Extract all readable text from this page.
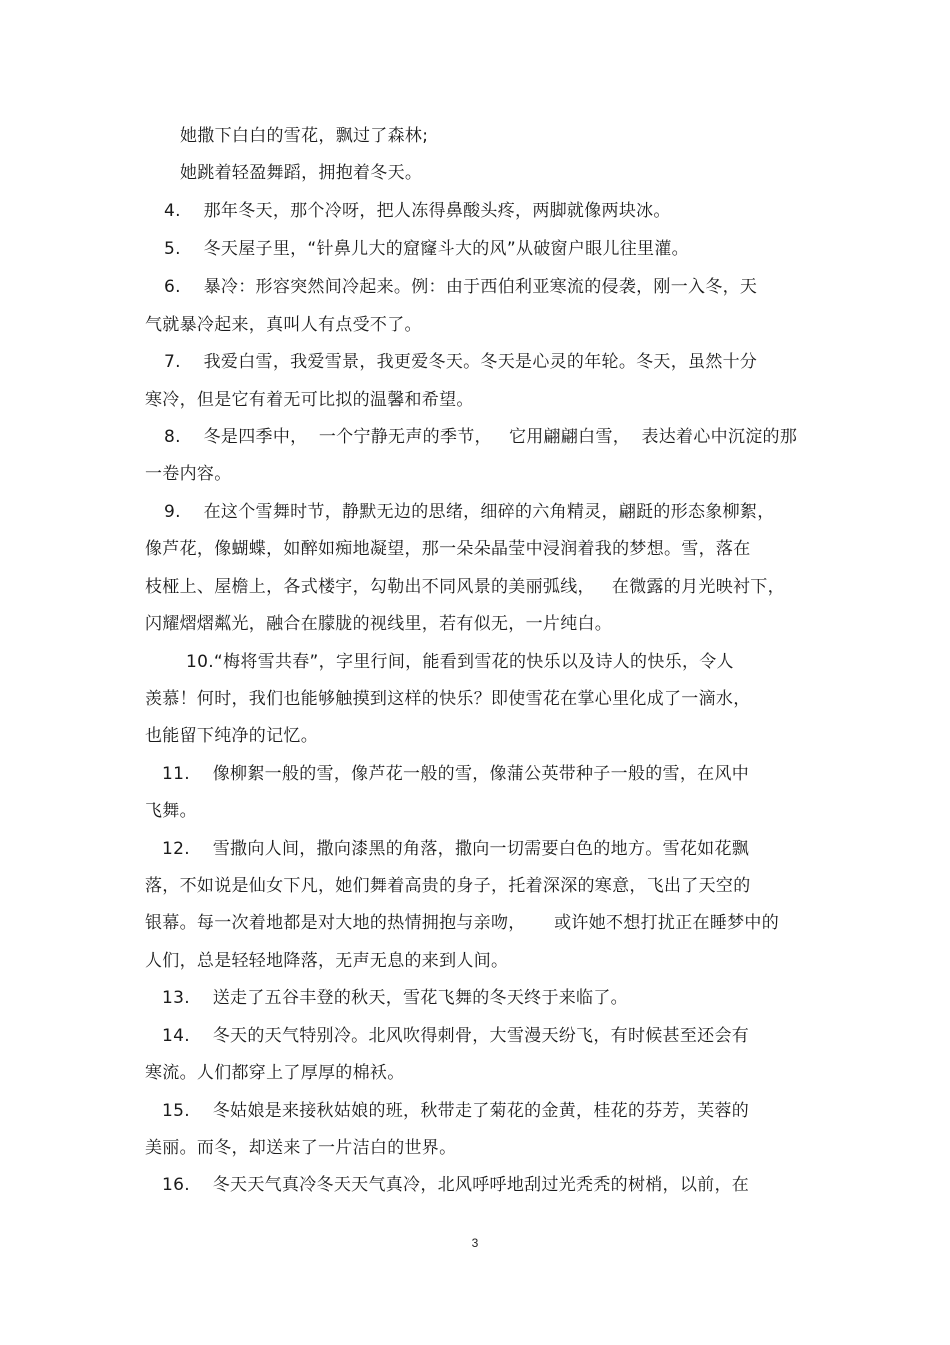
她撒下白白的雪花，飘过了森林;
她跳着轻盈舞蹈，拥抱着冬天。
4.    那年冬天，那个冷呀，把人冻得鼻酸头疼，两脚就像两块冰。
5.    冬天屋子里，“针鼻儿大的窟窿斗大的风”从破窗户眼儿往里灌。
6.    暴冷：形容突然间冷起来。例：由于西伯利亚寒流的侵袭，刚一入冬，天
气就暴冷起来，真叫人有点受不了。
7.    我爱白雪，我爱雪景，我更爱冬天。冬天是心灵的年轮。冬天，虽然十分
寒冷，但是它有着无可比拟的温馨和希望。
8.    冬是四季中，  一个宁静无声的季节，   它用翩翩白雪，  表达着心中沉淀的那
一卷内容。
9.    在这个雪舞时节，静默无边的思绪，细碎的六角精灵，翩跹的形态象柳絮，
像芦花，像蝴蝶，如醉如痴地凝望，那一朵朵晶莹中浸润着我的梦想。雪，落在
枝桠上、屋檐上，各式楼宇，勾勒出不同风景的美丽弧线，   在微露的月光映衬下，
闪耀熠熠粼光，融合在朦胧的视线里，若有似无，一片纯白。
10.“梅将雪共春”，字里行间，能看到雪花的快乐以及诗人的快乐，令人
羡慕！何时，我们也能够触摸到这样的快乐？即使雪花在掌心里化成了一滴水，
也能留下纯净的记忆。
11.    像柳絮一般的雪，像芦花一般的雪，像蒲公英带种子一般的雪，在风中
飞舞。
12.    雪撒向人间，撒向漆黑的角落，撒向一切需要白色的地方。雪花如花飘
落，不如说是仙女下凡，她们舞着高贵的身子，托着深深的寒意，飞出了天空的
银幕。每一次着地都是对大地的热情拥抱与亲吻，     或许她不想打扰正在睡梦中的
人们，总是轻轻地降落，无声无息的来到人间。
13.    送走了五谷丰登的秋天，雪花飞舞的冬天终于来临了。
14.    冬天的天气特别冷。北风吹得刺骨，大雪漫天纷飞，有时候甚至还会有
寒流。人们都穿上了厚厚的棉袄。
15.    冬姑娘是来接秋姑娘的班，秋带走了菊花的金黄，桂花的芬芳，芙蓉的
美丽。而冬，却送来了一片洁白的世界。
16.    冬天天气真冷冬天天气真冷，北风呼呼地刮过光秃秃的树梢，以前，在
3
